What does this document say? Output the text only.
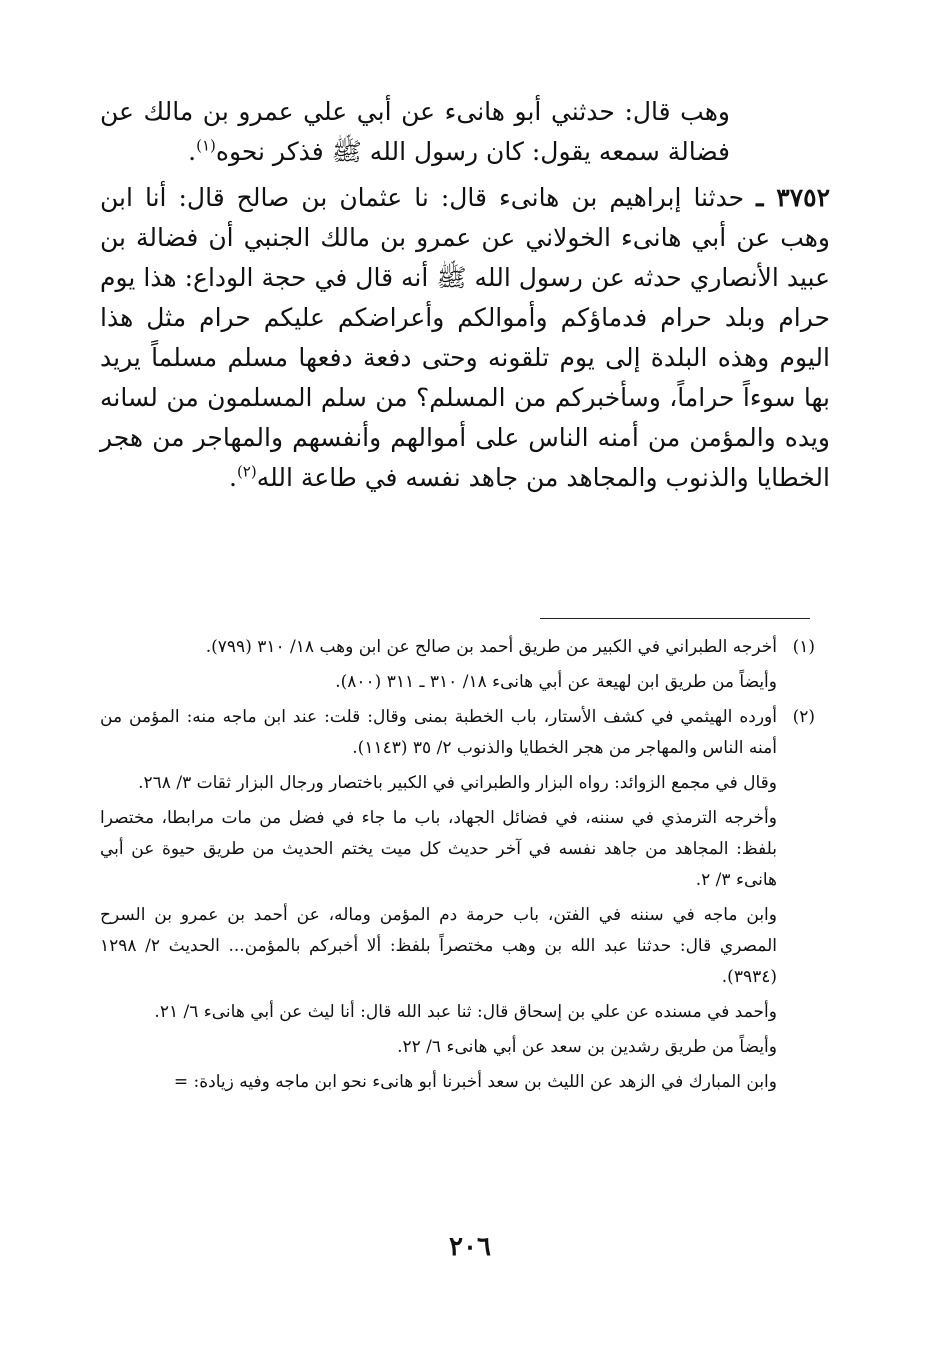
وهب قال: حدثني أبو هانىء عن أبي علي عمرو بن مالك عن فضالة سمعه يقول: كان رسول الله ﷺ فذكر نحوه$^{(١)}$.

٣٧٥٢ ـ حدثنا إبراهيم بن هانىء قال: نا عثمان بن صالح قال: أنا ابن وهب عن أبي هانىء الخولاني عن عمرو بن مالك الجنبي أن فضالة بن عبيد الأنصاري حدثه عن رسول الله ﷺ أنه قال في حجة الوداع: هذا يوم حرام وبلد حرام فدماؤكم وأموالكم وأعراضكم عليكم حرام مثل هذا اليوم وهذه البلدة إلى يوم تلقونه وحتى دفعة دفعها مسلم مسلماً يريد بها سوءاً حراماً، وسأخبركم من المسلم؟ من سلم المسلمون من لسانه ويده والمؤمن من أمنه الناس على أموالهم وأنفسهم والمهاجر من هجر الخطايا والذنوب والمجاهد من جاهد نفسه في طاعة الله$^{(٢)}$.

(١)

أخرجه الطبراني في الكبير من طريق أحمد بن صالح عن ابن وهب ١٨/ ٣١٠ (٧٩٩).

وأيضاً من طريق ابن لهيعة عن أبي هانىء ١٨/ ٣١٠ ـ ٣١١ (٨٠٠).

(٢)

أورده الهيثمي في كشف الأستار، باب الخطبة بمنى وقال: قلت: عند ابن ماجه منه: المؤمن من أمنه الناس والمهاجر من هجر الخطايا والذنوب ٢/ ٣٥ (١١٤٣).

وقال في مجمع الزوائد: رواه البزار والطبراني في الكبير باختصار ورجال البزار ثقات ٣/ ٢٦٨.

وأخرجه الترمذي في سننه، في فضائل الجهاد، باب ما جاء في فضل من مات مرابطا، مختصرا بلفظ: المجاهد من جاهد نفسه في آخر حديث كل ميت يختم الحديث من طريق حيوة عن أبي هانىء ٣/ ٢.

وابن ماجه في سننه في الفتن، باب حرمة دم المؤمن وماله، عن أحمد بن عمرو بن السرح المصري قال: حدثنا عبد الله بن وهب مختصراً بلفظ: ألا أخبركم بالمؤمن... الحديث ٢/ ١٢٩٨ (٣٩٣٤).

وأحمد في مسنده عن علي بن إسحاق قال: ثنا عبد الله قال: أنا ليث عن أبي هانىء ٦/ ٢١.

وأيضاً من طريق رشدين بن سعد عن أبي هانىء ٦/ ٢٢.

وابن المبارك في الزهد عن الليث بن سعد أخبرنا أبو هانىء نحو ابن ماجه وفيه زيادة: =

٢٠٦
